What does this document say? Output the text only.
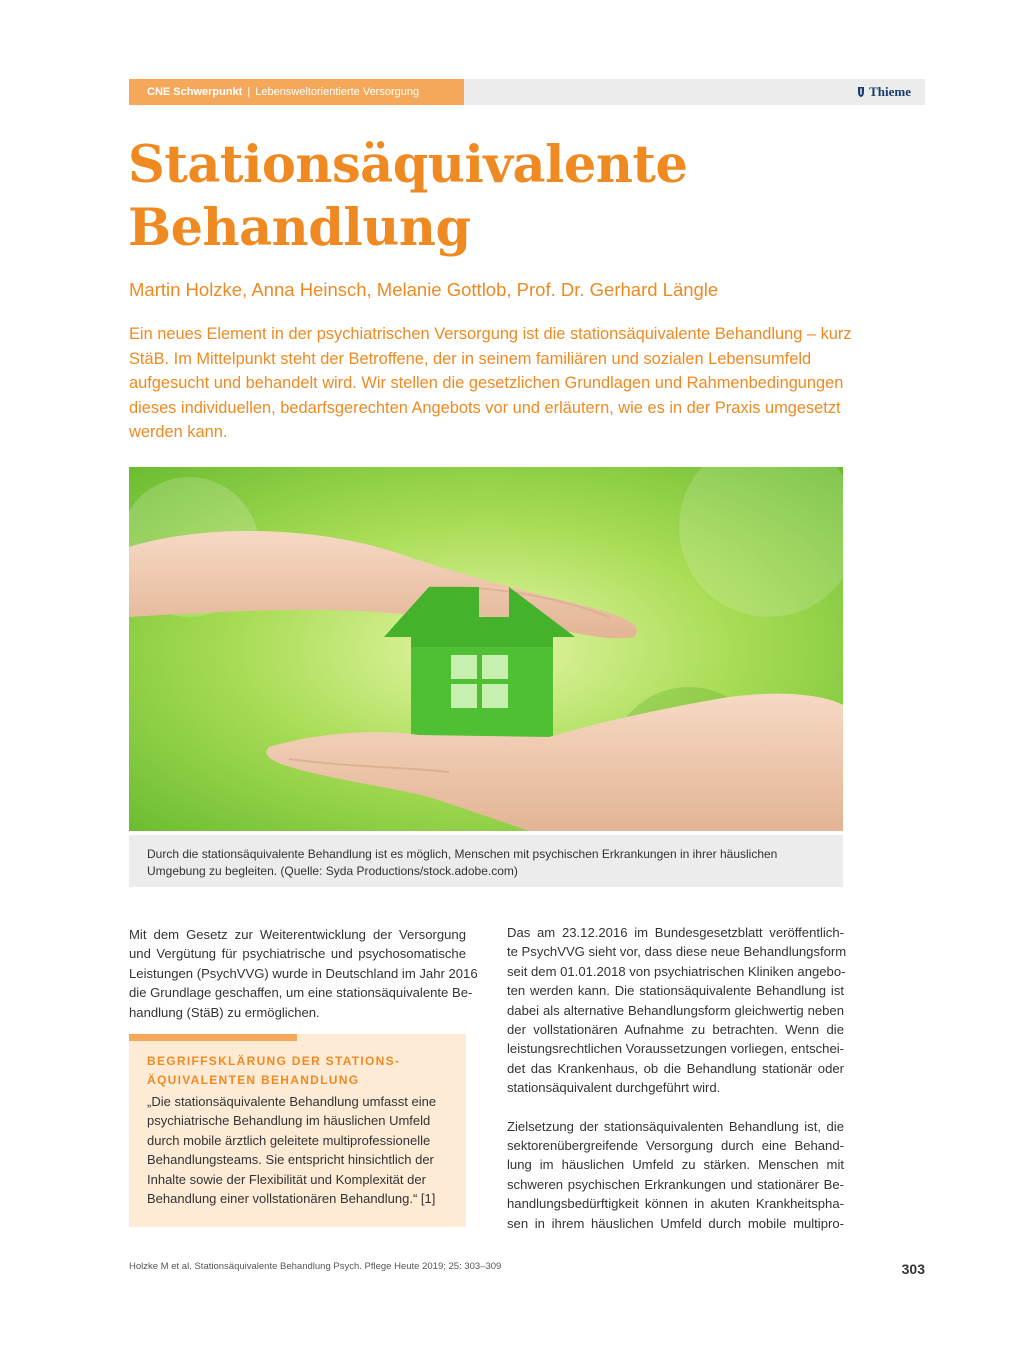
CNE Schwerpunkt | Lebensweltorientierte Versorgung	Thieme
Stationsäquivalente
Behandlung
Martin Holzke, Anna Heinsch, Melanie Gottlob, Prof. Dr. Gerhard Längle

Ein neues Element in der psychiatrischen Versorgung ist die stationsäquivalente Behandlung – kurz StäB. Im Mittelpunkt steht der Betroffene, der in seinem familiären und sozialen Lebensumfeld aufgesucht und behandelt wird. Wir stellen die gesetzlichen Grundlagen und Rahmenbedingungen dieses individuellen, bedarfsgerechten Angebots vor und erläutern, wie es in der Praxis umgesetzt werden kann.

Durch die stationsäquivalente Behandlung ist es möglich, Menschen mit psychischen Erkrankungen in ihrer häuslichen Umgebung zu begleiten. (Quelle: Syda Productions/stock.adobe.com)
Mit dem Gesetz zur Weiterentwicklung der Versorgung
und Vergütung für psychiatrische und psychosomatische
Leistungen (PsychVVG) wurde in Deutschland im Jahr 2016
die Grundlage geschaffen, um eine stationsäquivalente Be-
handlung (StäB) zu ermöglichen.
BEGRIFFSKLÄRUNG DER STATIONS-
ÄQUIVALENTEN BEHANDLUNG

„Die stationsäquivalente Behandlung umfasst eine psychiatrische Behandlung im häuslichen Umfeld durch mobile ärztlich geleitete multiprofessionelle Behandlungsteams. Sie entspricht hinsichtlich der Inhalte sowie der Flexibilität und Komplexität der Behandlung einer vollstationären Behandlung.“ [1]

Das am 23.12.2016 im Bundesgesetzblatt veröffentlich-
te PsychVVG sieht vor, dass diese neue Behandlungsform
seit dem 01.01.2018 von psychiatrischen Kliniken angebo-
ten werden kann. Die stationsäquivalente Behandlung ist
dabei als alternative Behandlungsform gleichwertig neben
der vollstationären Aufnahme zu betrachten. Wenn die
leistungsrechtlichen Voraussetzungen vorliegen, entschei-
det das Krankenhaus, ob die Behandlung stationär oder
stationsäquivalent durchgeführt wird.
Zielsetzung der stationsäquivalenten Behandlung ist, die
sektorenübergreifende Versorgung durch eine Behand-
lung im häuslichen Umfeld zu stärken. Menschen mit
schweren psychischen Erkrankungen und stationärer Be-
handlungsbedürftigkeit können in akuten Krankheitspha-
sen in ihrem häuslichen Umfeld durch mobile multipro-
Holzke M et al. Stationsäquivalente Behandlung Psych. Pflege Heute 2019; 25: 303–309	303
